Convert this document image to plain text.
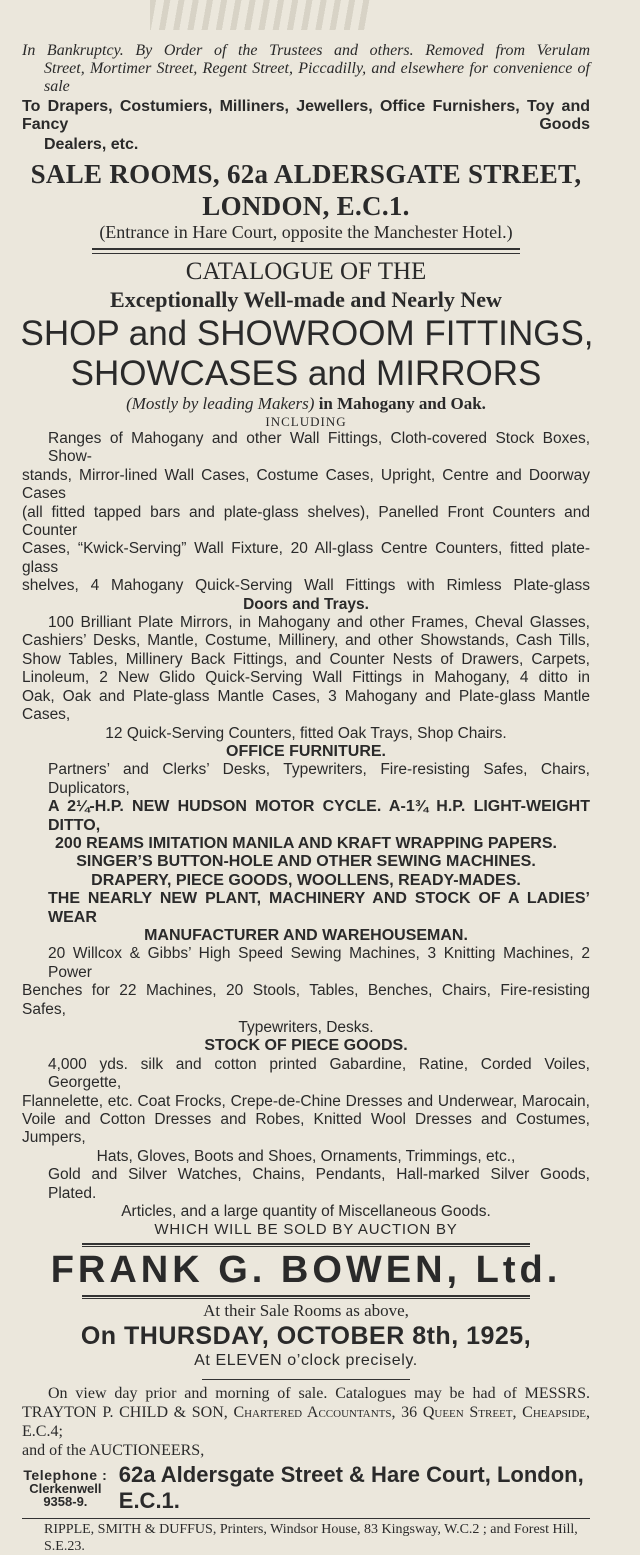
In Bankruptcy. By Order of the Trustees and others. Removed from Verulam
Street, Mortimer Street, Regent Street, Piccadilly, and elsewhere for convenience of
sale
To Drapers, Costumiers, Milliners, Jewellers, Office Furnishers, Toy and Fancy Goods
Dealers, etc.
SALE ROOMS, 62a ALDERSGATE STREET, LONDON, E.C.1.
(Entrance in Hare Court, opposite the Manchester Hotel.)
CATALOGUE OF THE
Exceptionally Well-made and Nearly New
SHOP and SHOWROOM FITTINGS,
SHOWCASES and MIRRORS
(Mostly by leading Makers) in Mahogany and Oak.
INCLUDING
Ranges of Mahogany and other Wall Fittings, Cloth-covered Stock Boxes, Show-
stands, Mirror-lined Wall Cases, Costume Cases, Upright, Centre and Doorway Cases
(all fitted tapped bars and plate-glass shelves), Panelled Front Counters and Counter
Cases, “Kwick-Serving” Wall Fixture, 20 All-glass Centre Counters, fitted plate-glass
shelves, 4 Mahogany Quick-Serving Wall Fittings with Rimless Plate-glass
Doors and Trays.
100 Brilliant Plate Mirrors, in Mahogany and other Frames, Cheval Glasses,
Cashiers’ Desks, Mantle, Costume, Millinery, and other Showstands, Cash Tills,
Show Tables, Millinery Back Fittings, and Counter Nests of Drawers, Carpets,
Linoleum, 2 New Glido Quick-Serving Wall Fittings in Mahogany, 4 ditto in
Oak, Oak and Plate-glass Mantle Cases, 3 Mahogany and Plate-glass Mantle Cases,
12 Quick-Serving Counters, fitted Oak Trays, Shop Chairs.
OFFICE FURNITURE.
Partners’ and Clerks’ Desks, Typewriters, Fire-resisting Safes, Chairs, Duplicators,
A 2¼-H.P. NEW HUDSON MOTOR CYCLE. A-1¾ H.P. LIGHT-WEIGHT DITTO,
200 REAMS IMITATION MANILA AND KRAFT WRAPPING PAPERS.
SINGER’S BUTTON-HOLE AND OTHER SEWING MACHINES.
DRAPERY, PIECE GOODS, WOOLLENS, READY-MADES.
THE NEARLY NEW PLANT, MACHINERY AND STOCK OF A LADIES’ WEAR
MANUFACTURER AND WAREHOUSEMAN.
20 Willcox & Gibbs’ High Speed Sewing Machines, 3 Knitting Machines, 2 Power
Benches for 22 Machines, 20 Stools, Tables, Benches, Chairs, Fire-resisting Safes,
Typewriters, Desks.
STOCK OF PIECE GOODS.
4,000 yds. silk and cotton printed Gabardine, Ratine, Corded Voiles, Georgette,
Flannelette, etc. Coat Frocks, Crepe-de-Chine Dresses and Underwear, Marocain,
Voile and Cotton Dresses and Robes, Knitted Wool Dresses and Costumes, Jumpers,
Hats, Gloves, Boots and Shoes, Ornaments, Trimmings, etc.,
Gold and Silver Watches, Chains, Pendants, Hall-marked Silver Goods, Plated.
Articles, and a large quantity of Miscellaneous Goods.
WHICH WILL BE SOLD BY AUCTION BY
FRANK G. BOWEN, Ltd.
At their Sale Rooms as above,
On THURSDAY, OCTOBER 8th, 1925,
At ELEVEN o’clock precisely.
On view day prior and morning of sale. Catalogues may be had of MESSRS.
TRAYTON P. CHILD & SON, Chartered Accountants, 36 Queen Street, Cheapside, E.C.4;
and of the AUCTIONEERS,
Telephone :
Clerkenwell
9358-9.
62a Aldersgate Street & Hare Court, London, E.C.1.
RIPPLE, SMITH & DUFFUS, Printers, Windsor House, 83 Kingsway, W.C.2 ; and Forest Hill, S.E.23.
